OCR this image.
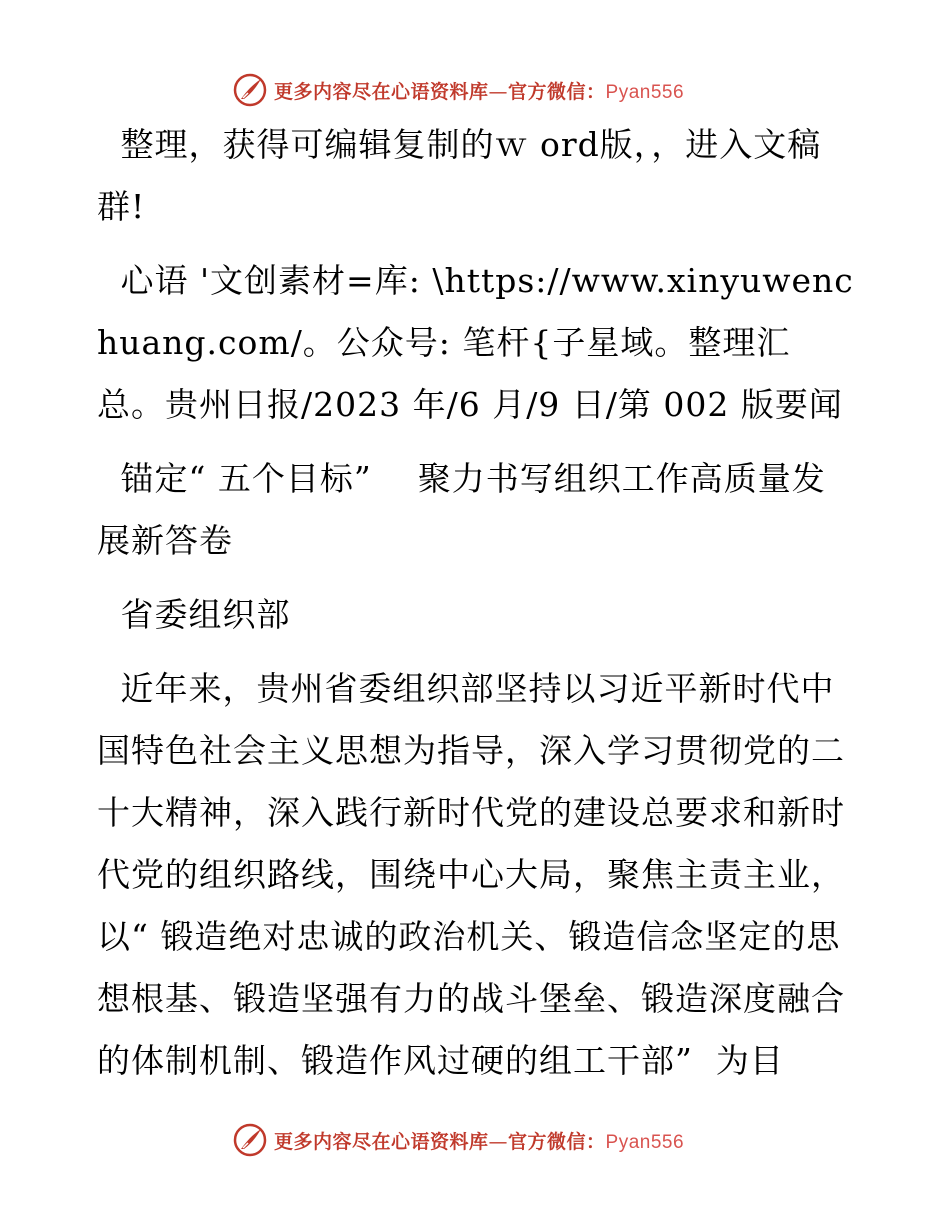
更多内容尽在心语资料库—官方微信：Pyan556

整理，获得可编辑复制的ｗ ord版，，进入文稿群!

心语 '文创素材=库: \https://www.xinyuwenchuang.com/。公众号: 笔杆{子星域。整理汇总。贵州日报/2023 年/6 月/9 日/第 002 版要闻

锚定“ 五个目标”    聚力书写组织工作高质量发展新答卷

省委组织部

近年来，贵州省委组织部坚持以习近平新时代中国特色社会主义思想为指导，深入学习贯彻党的二十大精神，深入践行新时代党的建设总要求和新时代党的组织路线，围绕中心大局，聚焦主责主业，以“ 锻造绝对忠诚的政治机关、锻造信念坚定的思想根基、锻造坚强有力的战斗堡垒、锻造深度融合的体制机制、锻造作风过硬的组工干部”  为目

更多内容尽在心语资料库—官方微信：Pyan556
